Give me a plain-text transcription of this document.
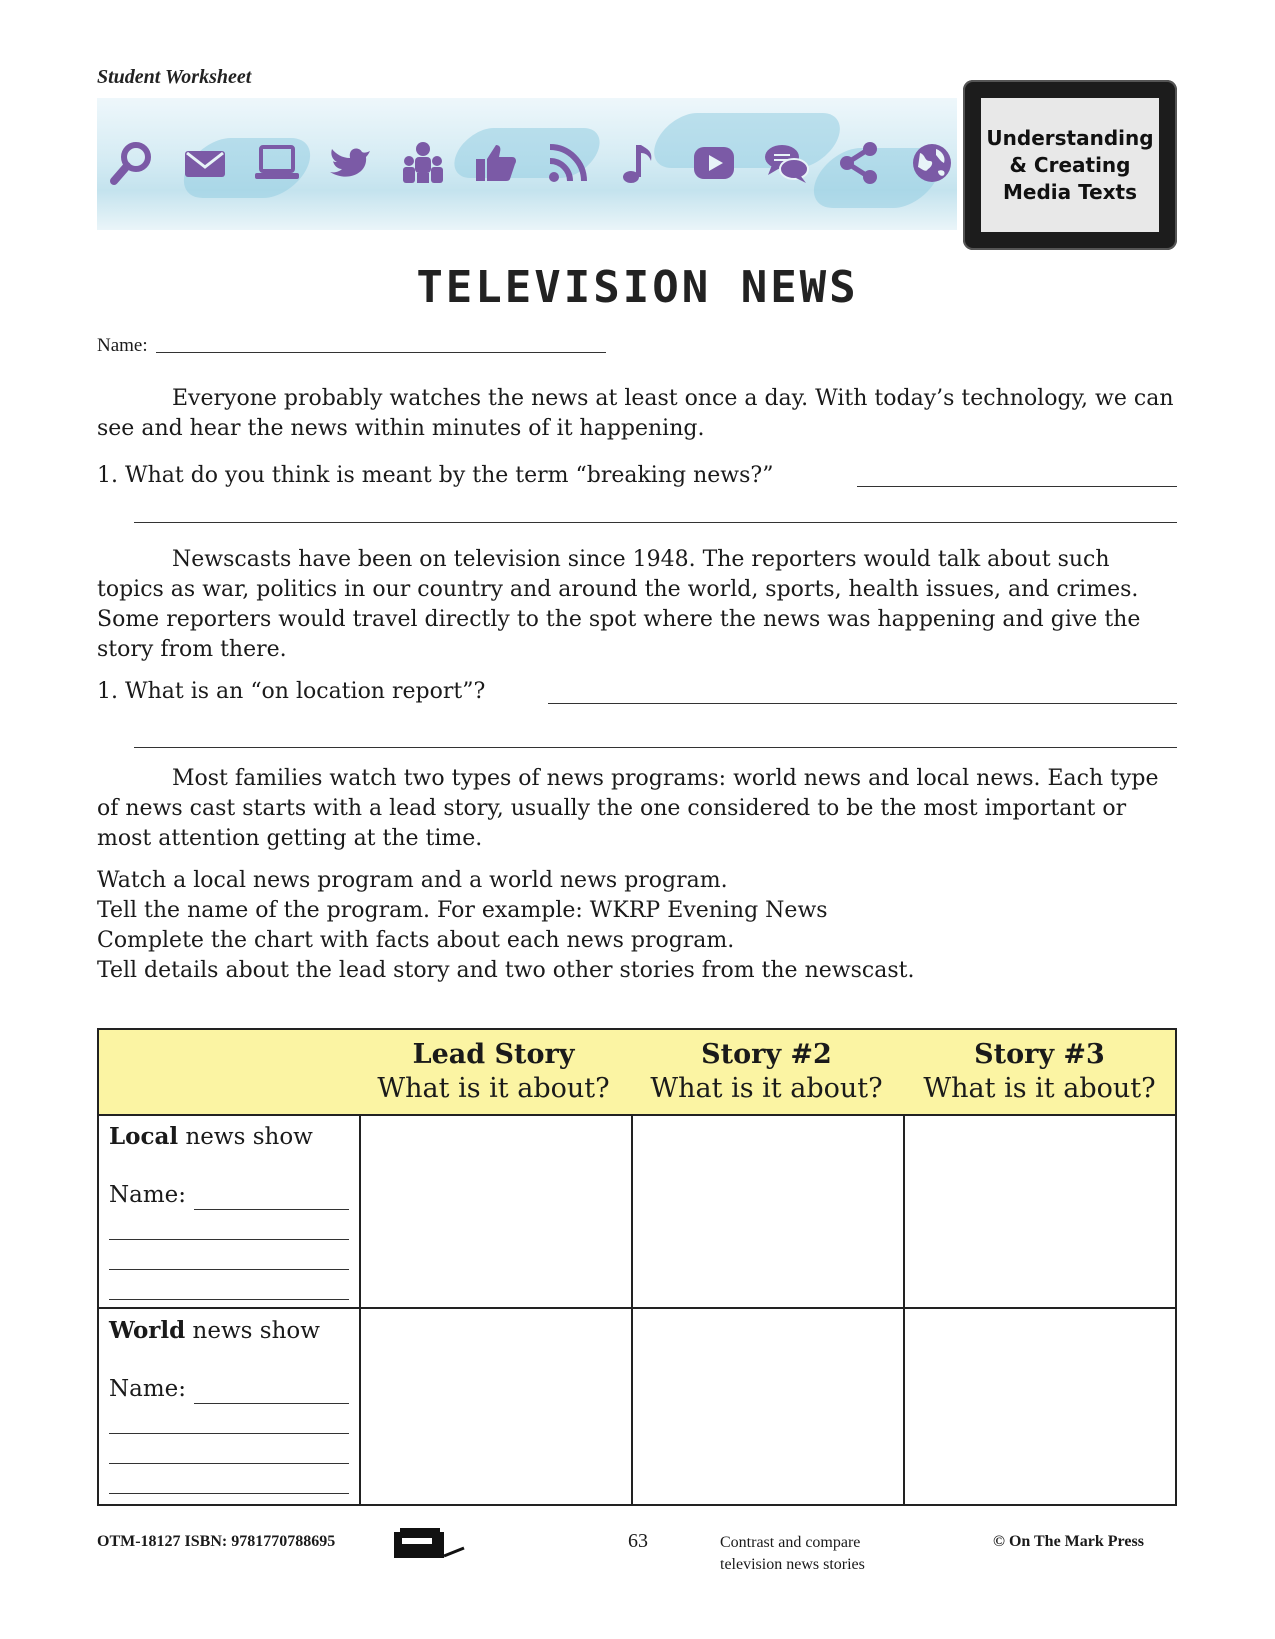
Student Worksheet
Understanding & Creating Media Texts
TELEVISION NEWS
Name:
Everyone probably watches the news at least once a day. With today’s technology, we can see and hear the news within minutes of it happening.
1. What do you think is meant by the term “breaking news?”
Newscasts have been on television since 1948. The reporters would talk about such topics as war, politics in our country and around the world, sports, health issues, and crimes. Some reporters would travel directly to the spot where the news was happening and give the story from there.
1. What is an “on location report”?
Most families watch two types of news programs: world news and local news. Each type of news cast starts with a lead story, usually the one considered to be the most important or most attention getting at the time.
Watch a local news program and a world news program.
Tell the name of the program. For example: WKRP Evening News
Complete the chart with facts about each news program.
Tell details about the lead story and two other stories from the newscast.
Lead Story
What is it about?
Story #2
What is it about?
Story #3
What is it about?
Local news show
Name:
World news show
Name:
OTM-18127 ISBN: 9781770788695	63	Contrast and compare
television news stories
© On The Mark Press
